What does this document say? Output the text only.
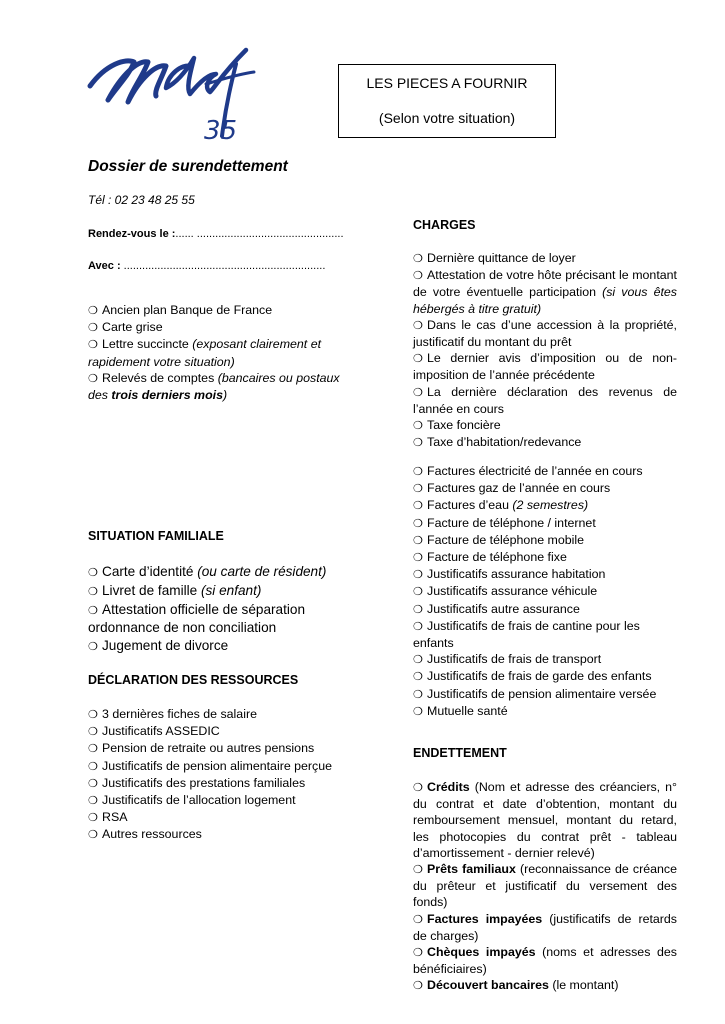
35
LES PIECES A FOURNIR
(Selon votre situation)
Dossier de surendettement
Tél : 02 23 48 25 55
Rendez-vous le :...... ................................................
Avec : ..................................................................
❍Ancien plan Banque de France
❍Carte grise
❍Lettre succincte (exposant clairement et rapidement votre situation)
❍Relevés de comptes (bancaires ou postaux des trois derniers mois)
SITUATION FAMILIALE
❍Carte d’identité (ou carte de résident)
❍Livret de famille (si enfant)
❍Attestation officielle de séparation ordonnance de non conciliation
❍Jugement de divorce
DÉCLARATION DES RESSOURCES
❍3 dernières fiches de salaire
❍Justificatifs ASSEDIC
❍Pension de retraite ou autres pensions
❍Justificatifs de pension alimentaire perçue
❍Justificatifs des prestations familiales
❍Justificatifs de l’allocation logement
❍RSA
❍Autres ressources
CHARGES
❍Dernière quittance de loyer
❍Attestation de votre hôte précisant le montant de votre éventuelle participation (si vous êtes hébergés à titre gratuit)
❍Dans le cas d’une accession à la propriété, justificatif du montant du prêt
❍Le dernier avis d’imposition ou de non-imposition de l’année précédente
❍La dernière déclaration des revenus de l’année en cours
❍Taxe foncière
❍Taxe d’habitation/redevance
❍Factures électricité de l’année en cours
❍Factures gaz de l’année en cours
❍Factures d’eau (2 semestres)
❍Facture de téléphone / internet
❍Facture de téléphone mobile
❍Facture de téléphone fixe
❍Justificatifs assurance habitation
❍Justificatifs assurance véhicule
❍Justificatifs autre assurance
❍Justificatifs de frais de cantine pour les enfants
❍Justificatifs de frais de transport
❍Justificatifs de frais de garde des enfants
❍Justificatifs de pension alimentaire versée
❍Mutuelle santé
ENDETTEMENT
❍Crédits (Nom et adresse des créanciers, n° du contrat et date d’obtention, montant du remboursement mensuel, montant du retard, les photocopies du contrat prêt - tableau d’amortissement - dernier relevé)
❍Prêts familiaux (reconnaissance de créance du prêteur et justificatif du versement des fonds)
❍Factures impayées (justificatifs de retards de charges)
❍Chèques impayés (noms et adresses des bénéficiaires)
❍Découvert bancaires (le montant)
